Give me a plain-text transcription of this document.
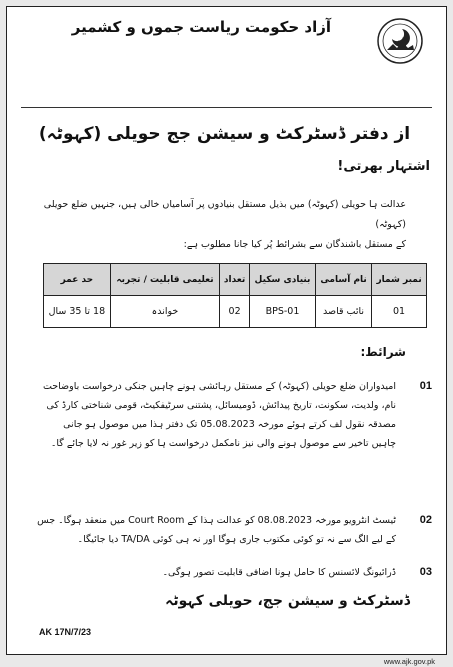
آزاد حکومت ریاست جموں و کشمیر
از دفتر ڈسٹرکٹ و سیشن جج حویلی (کہوٹہ)
اشتہار بھرتی!
عدالت ہا حویلی (کہوٹہ) میں بذیل مستقل بنیادوں پر آسامیاں خالی ہیں، جنہیں ضلع حویلی (کہوٹہ)
کے مستقل باشندگان سے بشرائط پُر کیا جانا مطلوب ہے:
نمبر شمار	نام آسامی	بنیادی سکیل	تعداد	تعلیمی قابلیت / تجربہ	حد عمر
01	نائب قاصد	BPS-01	02	خواندہ	18 تا 35 سال
شرائط:
01
امیدواران ضلع حویلی (کہوٹہ) کے مستقل رہائشی ہونے چاہیں جنکی درخواست باوضاحت نام، ولدیت، سکونت، تاریخ پیدائش، ڈومیسائل، پشتنی سرٹیفکیٹ، قومی شناختی کارڈ کی مصدقہ نقول لف کرتے ہوئے مورخہ 05.08.2023 تک دفتر ہذا میں موصول ہو جانی چاہیں تاخیر سے موصول ہونے والی نیز نامکمل درخواست ہا کو زیر غور نہ لایا جائے گا۔
02
ٹیسٹ انٹرویو مورخہ 08.08.2023 کو عدالت ہذا کے Court Room میں منعقد ہوگا۔ جس کے لیے الگ سے نہ تو کوئی مکتوب جاری ہوگا اور نہ ہی کوئی TA/DA دیا جائیگا۔
03
ڈرائیونگ لائسنس کا حامل ہونا اضافی قابلیت تصور ہوگی۔
ڈسٹرکٹ و سیشن جج، حویلی کہوٹہ
AK 17N/7/23
www.ajk.gov.pk
